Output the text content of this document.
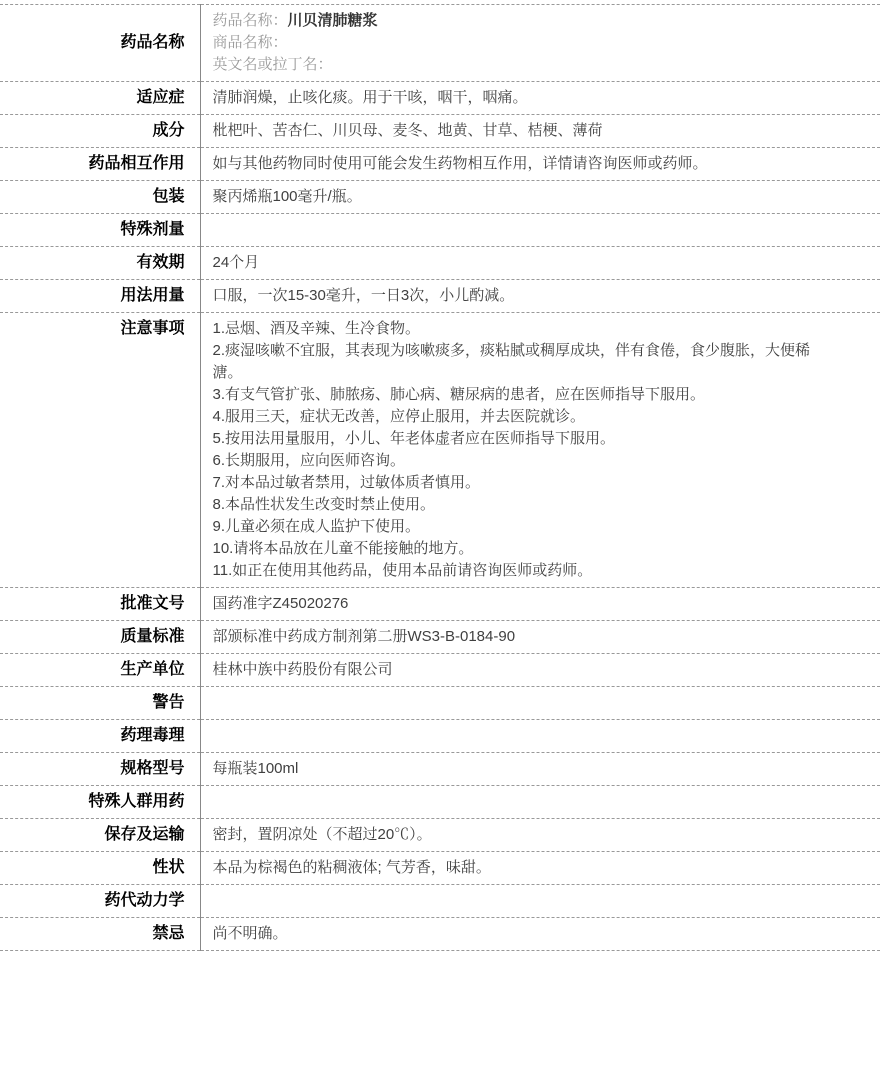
药品名称	药品名称：川贝清肺糖浆
商品名称：
英文名或拉丁名：

适应症	清肺润燥，止咳化痰。用于干咳，咽干，咽痛。
成分	枇杷叶、苦杏仁、川贝母、麦冬、地黄、甘草、桔梗、薄荷
药品相互作用	如与其他药物同时使用可能会发生药物相互作用，详情请咨询医师或药师。
包装	聚丙烯瓶100毫升/瓶。
特殊剂量	
有效期	24个月
用法用量	口服，一次15-30毫升，一日3次，小儿酌减。
注意事项	1.忌烟、酒及辛辣、生冷食物。
2.痰湿咳嗽不宜服，其表现为咳嗽痰多，痰粘腻或稠厚成块，伴有食倦，食少腹胀，大便稀溏。
3.有支气管扩张、肺脓疡、肺心病、糖尿病的患者，应在医师指导下服用。
4.服用三天，症状无改善，应停止服用，并去医院就诊。
5.按用法用量服用，小儿、年老体虚者应在医师指导下服用。
6.长期服用，应向医师咨询。
7.对本品过敏者禁用，过敏体质者慎用。
8.本品性状发生改变时禁止使用。
9.儿童必须在成人监护下使用。
10.请将本品放在儿童不能接触的地方。
11.如正在使用其他药品，使用本品前请咨询医师或药师。

批准文号	国药准字Z45020276
质量标准	部颁标准中药成方制剂第二册WS3-B-0184-90
生产单位	桂林中族中药股份有限公司
警告	
药理毒理	
规格型号	每瓶装100ml
特殊人群用药	
保存及运输	密封，置阴凉处（不超过20℃）。
性状	本品为棕褐色的粘稠液体; 气芳香，味甜。
药代动力学	
禁忌	尚不明确。
